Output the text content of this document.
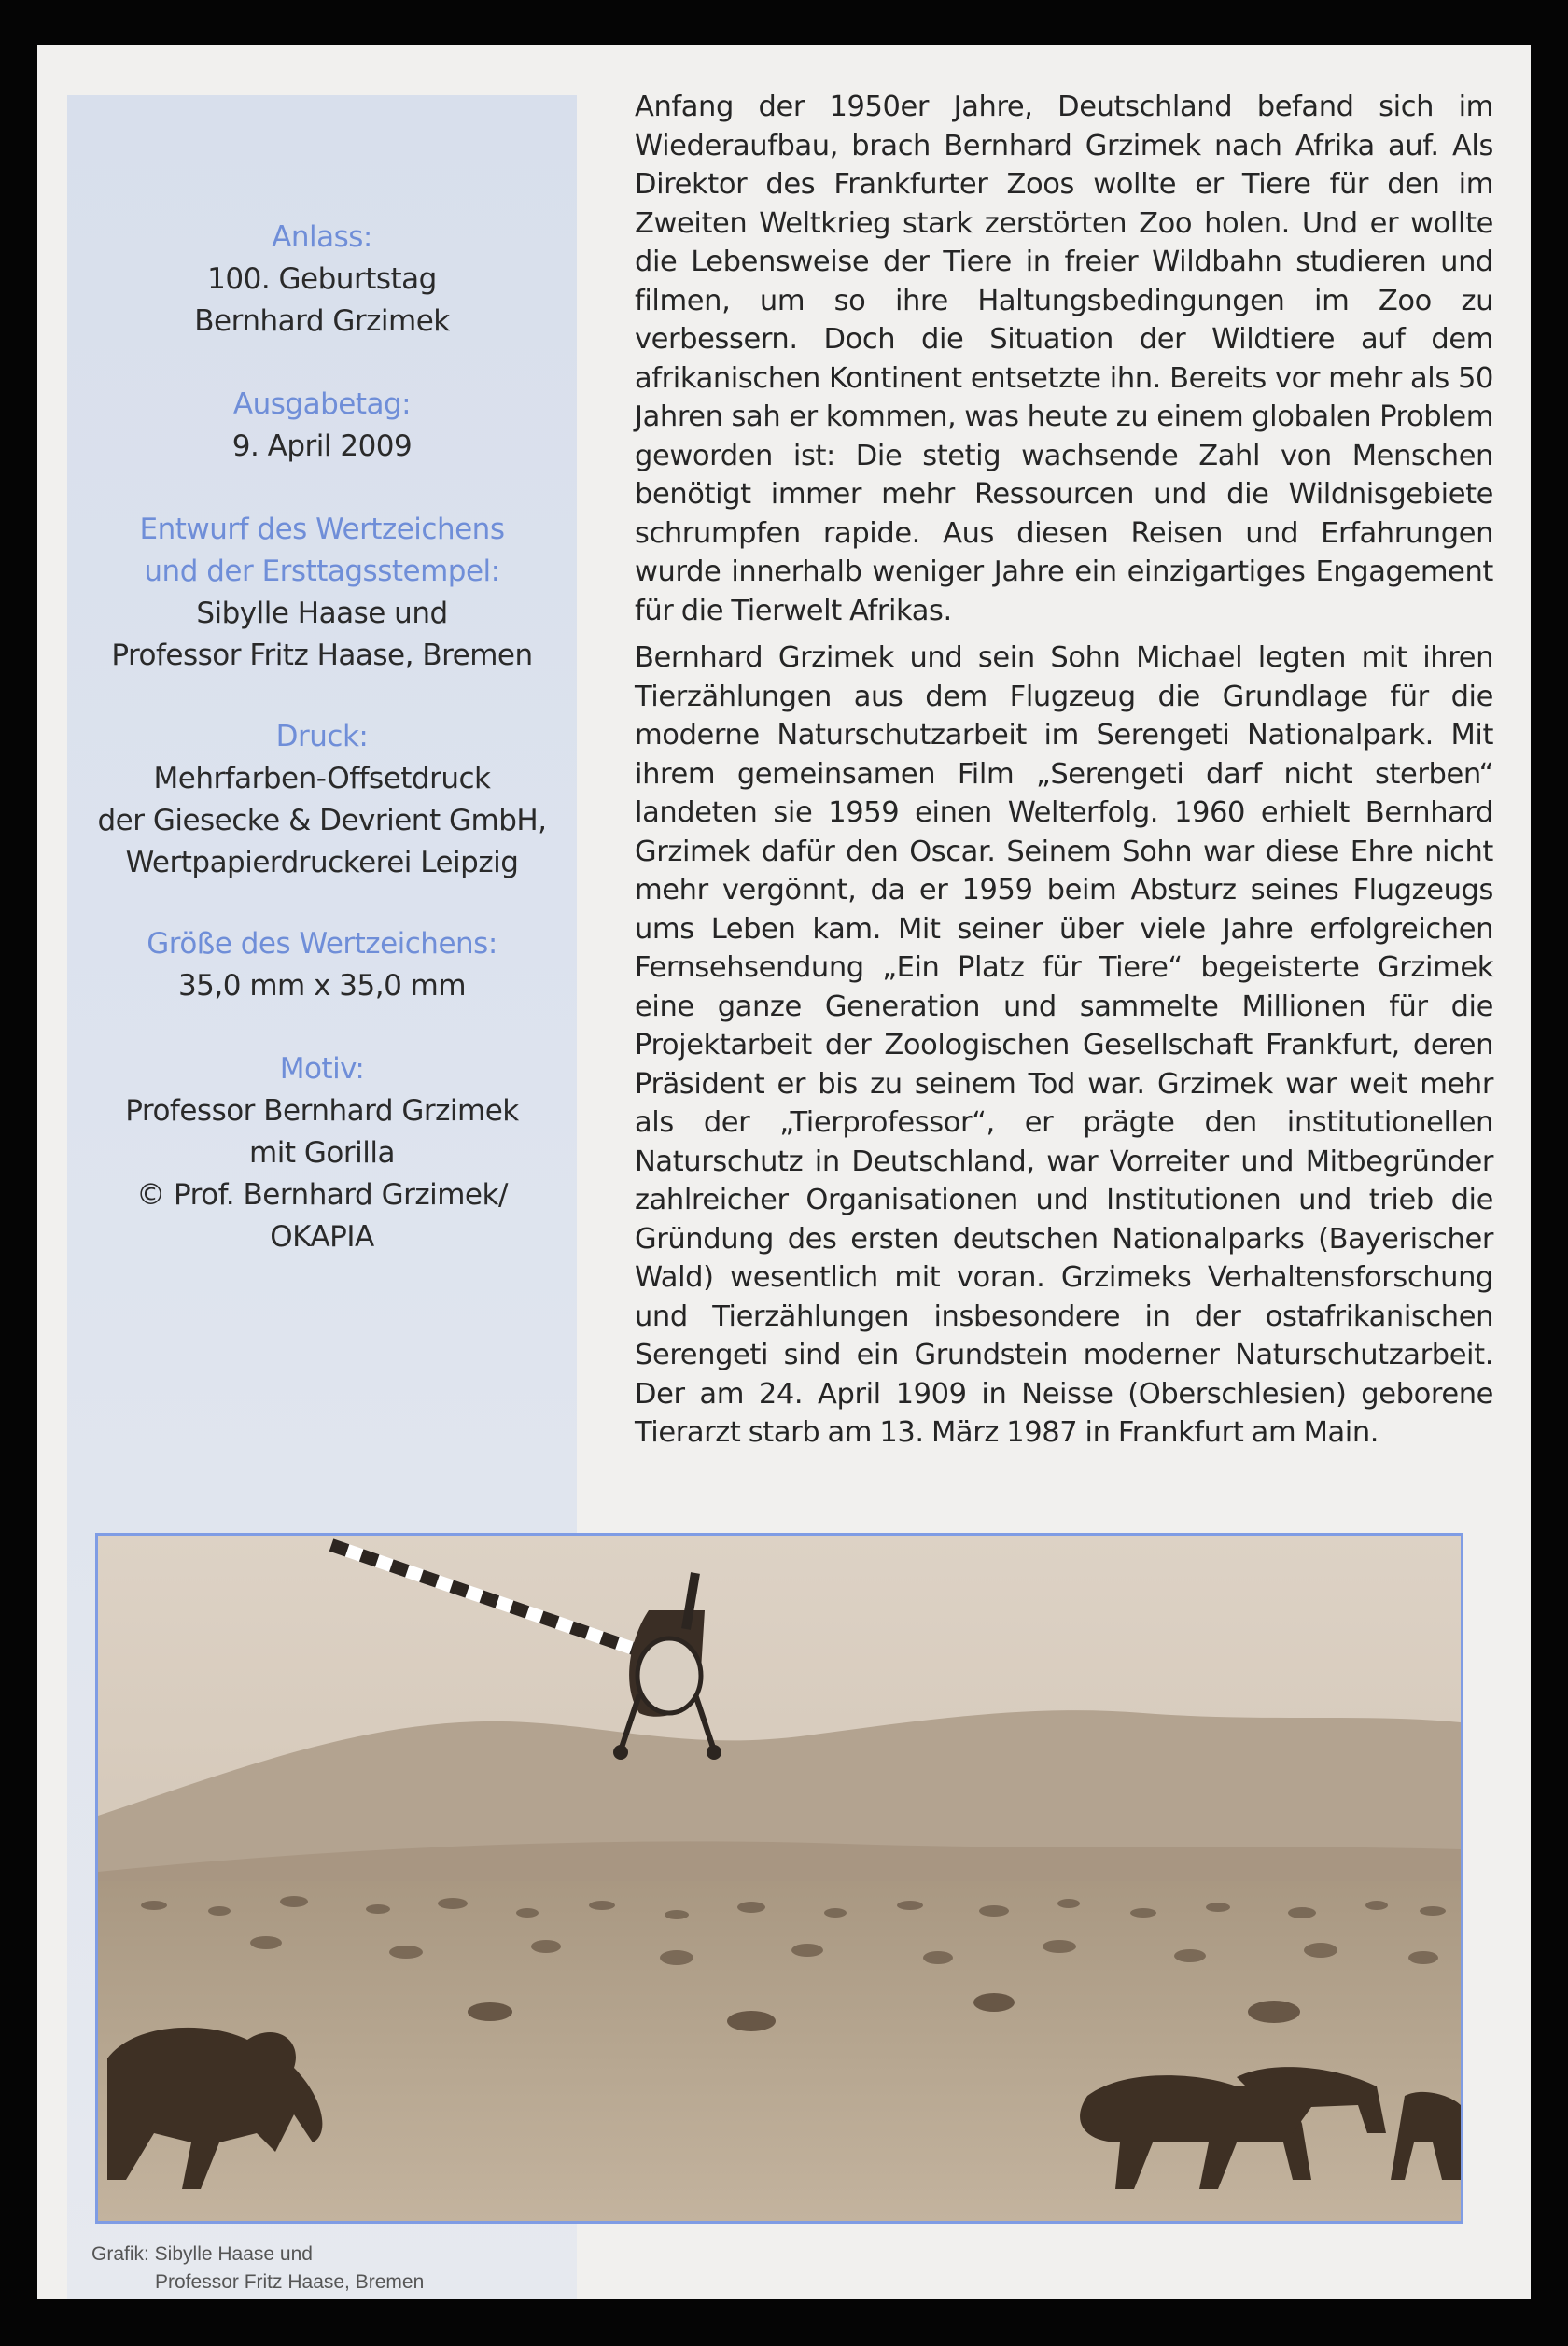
Anlass:
100. Geburtstag
Bernhard Grzimek
Ausgabetag:
9. April 2009
Entwurf des Wertzeichens
und der Ersttagsstempel:
Sibylle Haase und
Professor Fritz Haase, Bremen
Druck:
Mehrfarben-Offsetdruck
der Giesecke & Devrient GmbH,
Wertpapierdruckerei Leipzig
Größe des Wertzeichens:
35,0 mm x 35,0 mm
Motiv:
Professor Bernhard Grzimek
mit Gorilla
© Prof. Bernhard Grzimek/
OKAPIA

Anfang der 1950er Jahre, Deutschland befand sich im Wiederaufbau, brach Bernhard Grzimek nach Afrika auf. Als Direktor des Frankfurter Zoos wollte er Tiere für den im Zweiten Weltkrieg stark zerstörten Zoo holen. Und er wollte die Lebensweise der Tiere in freier Wildbahn studieren und filmen, um so ihre Haltungsbedingungen im Zoo zu verbessern. Doch die Situation der Wildtiere auf dem afrikanischen Kontinent entsetzte ihn. Bereits vor mehr als 50 Jahren sah er kommen, was heute zu einem globalen Problem geworden ist: Die stetig wachsende Zahl von Menschen benötigt immer mehr Ressourcen und die Wildnisgebiete schrumpfen rapide. Aus diesen Reisen und Erfahrungen wurde innerhalb weniger Jahre ein einzigartiges Engagement für die Tierwelt Afrikas.

Bernhard Grzimek und sein Sohn Michael legten mit ihren Tierzählungen aus dem Flugzeug die Grundlage für die moderne Naturschutzarbeit im Serengeti Nationalpark. Mit ihrem gemeinsamen Film „Serengeti darf nicht sterben“ landeten sie 1959 einen Welterfolg. 1960 erhielt Bernhard Grzimek dafür den Oscar. Seinem Sohn war diese Ehre nicht mehr vergönnt, da er 1959 beim Absturz seines Flugzeugs ums Leben kam. Mit seiner über viele Jahre erfolgreichen Fernsehsendung „Ein Platz für Tiere“ begeisterte Grzimek eine ganze Generation und sammelte Millionen für die Projektarbeit der Zoologischen Gesellschaft Frankfurt, deren Präsident er bis zu seinem Tod war. Grzimek war weit mehr als der „Tierprofessor“, er prägte den institutionellen Naturschutz in Deutschland, war Vorreiter und Mitbegründer zahlreicher Organisationen und Institutionen und trieb die Gründung des ersten deutschen Nationalparks (Bayerischer Wald) wesentlich mit voran. Grzimeks Verhaltensforschung und Tierzählungen insbesondere in der ostafrikanischen Serengeti sind ein Grundstein moderner Naturschutzarbeit. Der am 24. April 1909 in Neisse (Oberschlesien) geborene Tierarzt starb am 13. März 1987 in Frankfurt am Main.

Grafik: Sibylle Haase und
Professor Fritz Haase, Bremen
